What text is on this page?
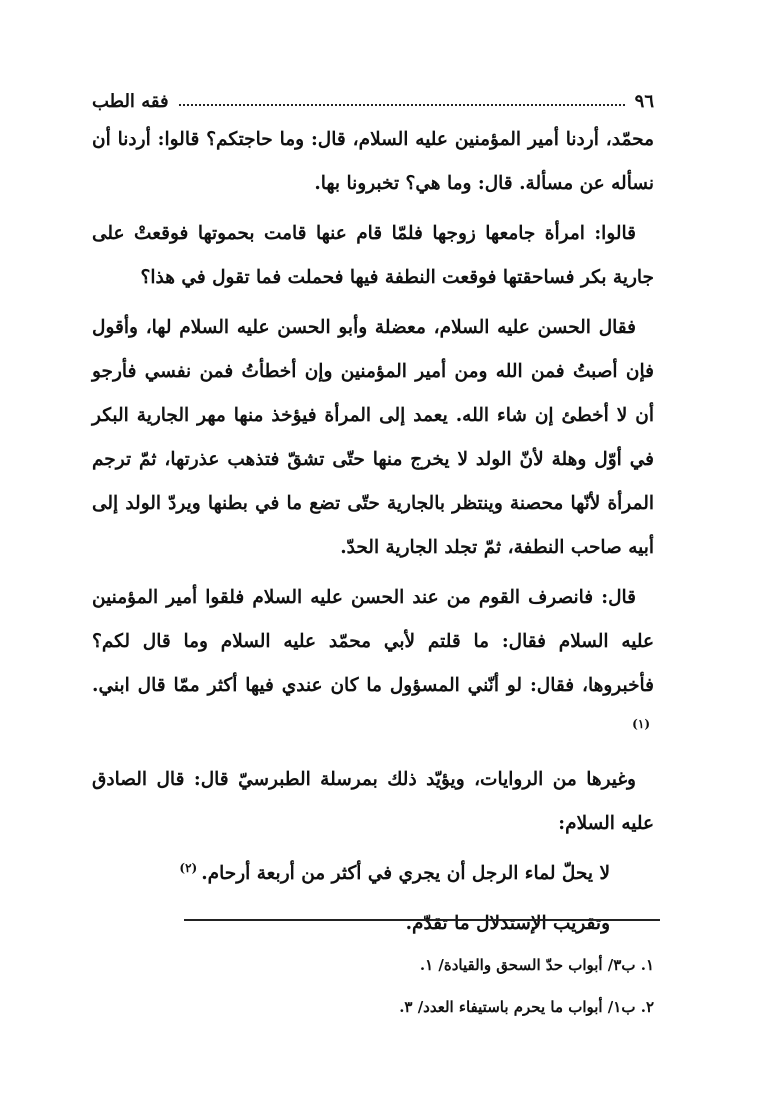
٩٦
فقه الطب

محمّد، أردنا أمير المؤمنين عليه السلام، قال: وما حاجتكم؟ قالوا: أردنا أن نسأله عن مسألة. قال: وما هي؟ تخبرونا بها.

قالوا: امرأة جامعها زوجها فلمّا قام عنها قامت بحموتها فوقعتْ على جارية بكر فساحقتها فوقعت النطفة فيها فحملت فما تقول في هذا؟

فقال الحسن عليه السلام، معضلة وأبو الحسن عليه السلام لها، وأقول فإن أصبتُ فمن الله ومن أمير المؤمنين وإن أخطأتُ فمن نفسي فأرجو أن لا أخطئ إن شاء الله. يعمد إلى المرأة فيؤخذ منها مهر الجارية البكر في أوّل وهلة لأنّ الولد لا يخرج منها حتّى تشقّ فتذهب عذرتها، ثمّ ترجم المرأة لأنّها محصنة وينتظر بالجارية حتّى تضع ما في بطنها ويردّ الولد إلى أبيه صاحب النطفة، ثمّ تجلد الجارية الحدّ.

قال: فانصرف القوم من عند الحسن عليه السلام فلقوا أمير المؤمنين عليه السلام فقال: ما قلتم لأبي محمّد عليه السلام وما قال لكم؟ فأخبروها، فقال: لو أنّني المسؤول ما كان عندي فيها أكثر ممّا قال ابني.$^{(١)}$

وغيرها من الروايات، ويؤيّد ذلك بمرسلة الطبرسيّ قال: قال الصادق عليه السلام:

لا يحلّ لماء الرجل أن يجري في أكثر من أربعة أرحام.$^{(٢)}$

وتقريب الإستدلال ما تقدّم.

١. ب٣/ أبواب حدّ السحق والقيادة/ ١.
٢. ب١/ أبواب ما يحرم باستيفاء العدد/ ٣.
